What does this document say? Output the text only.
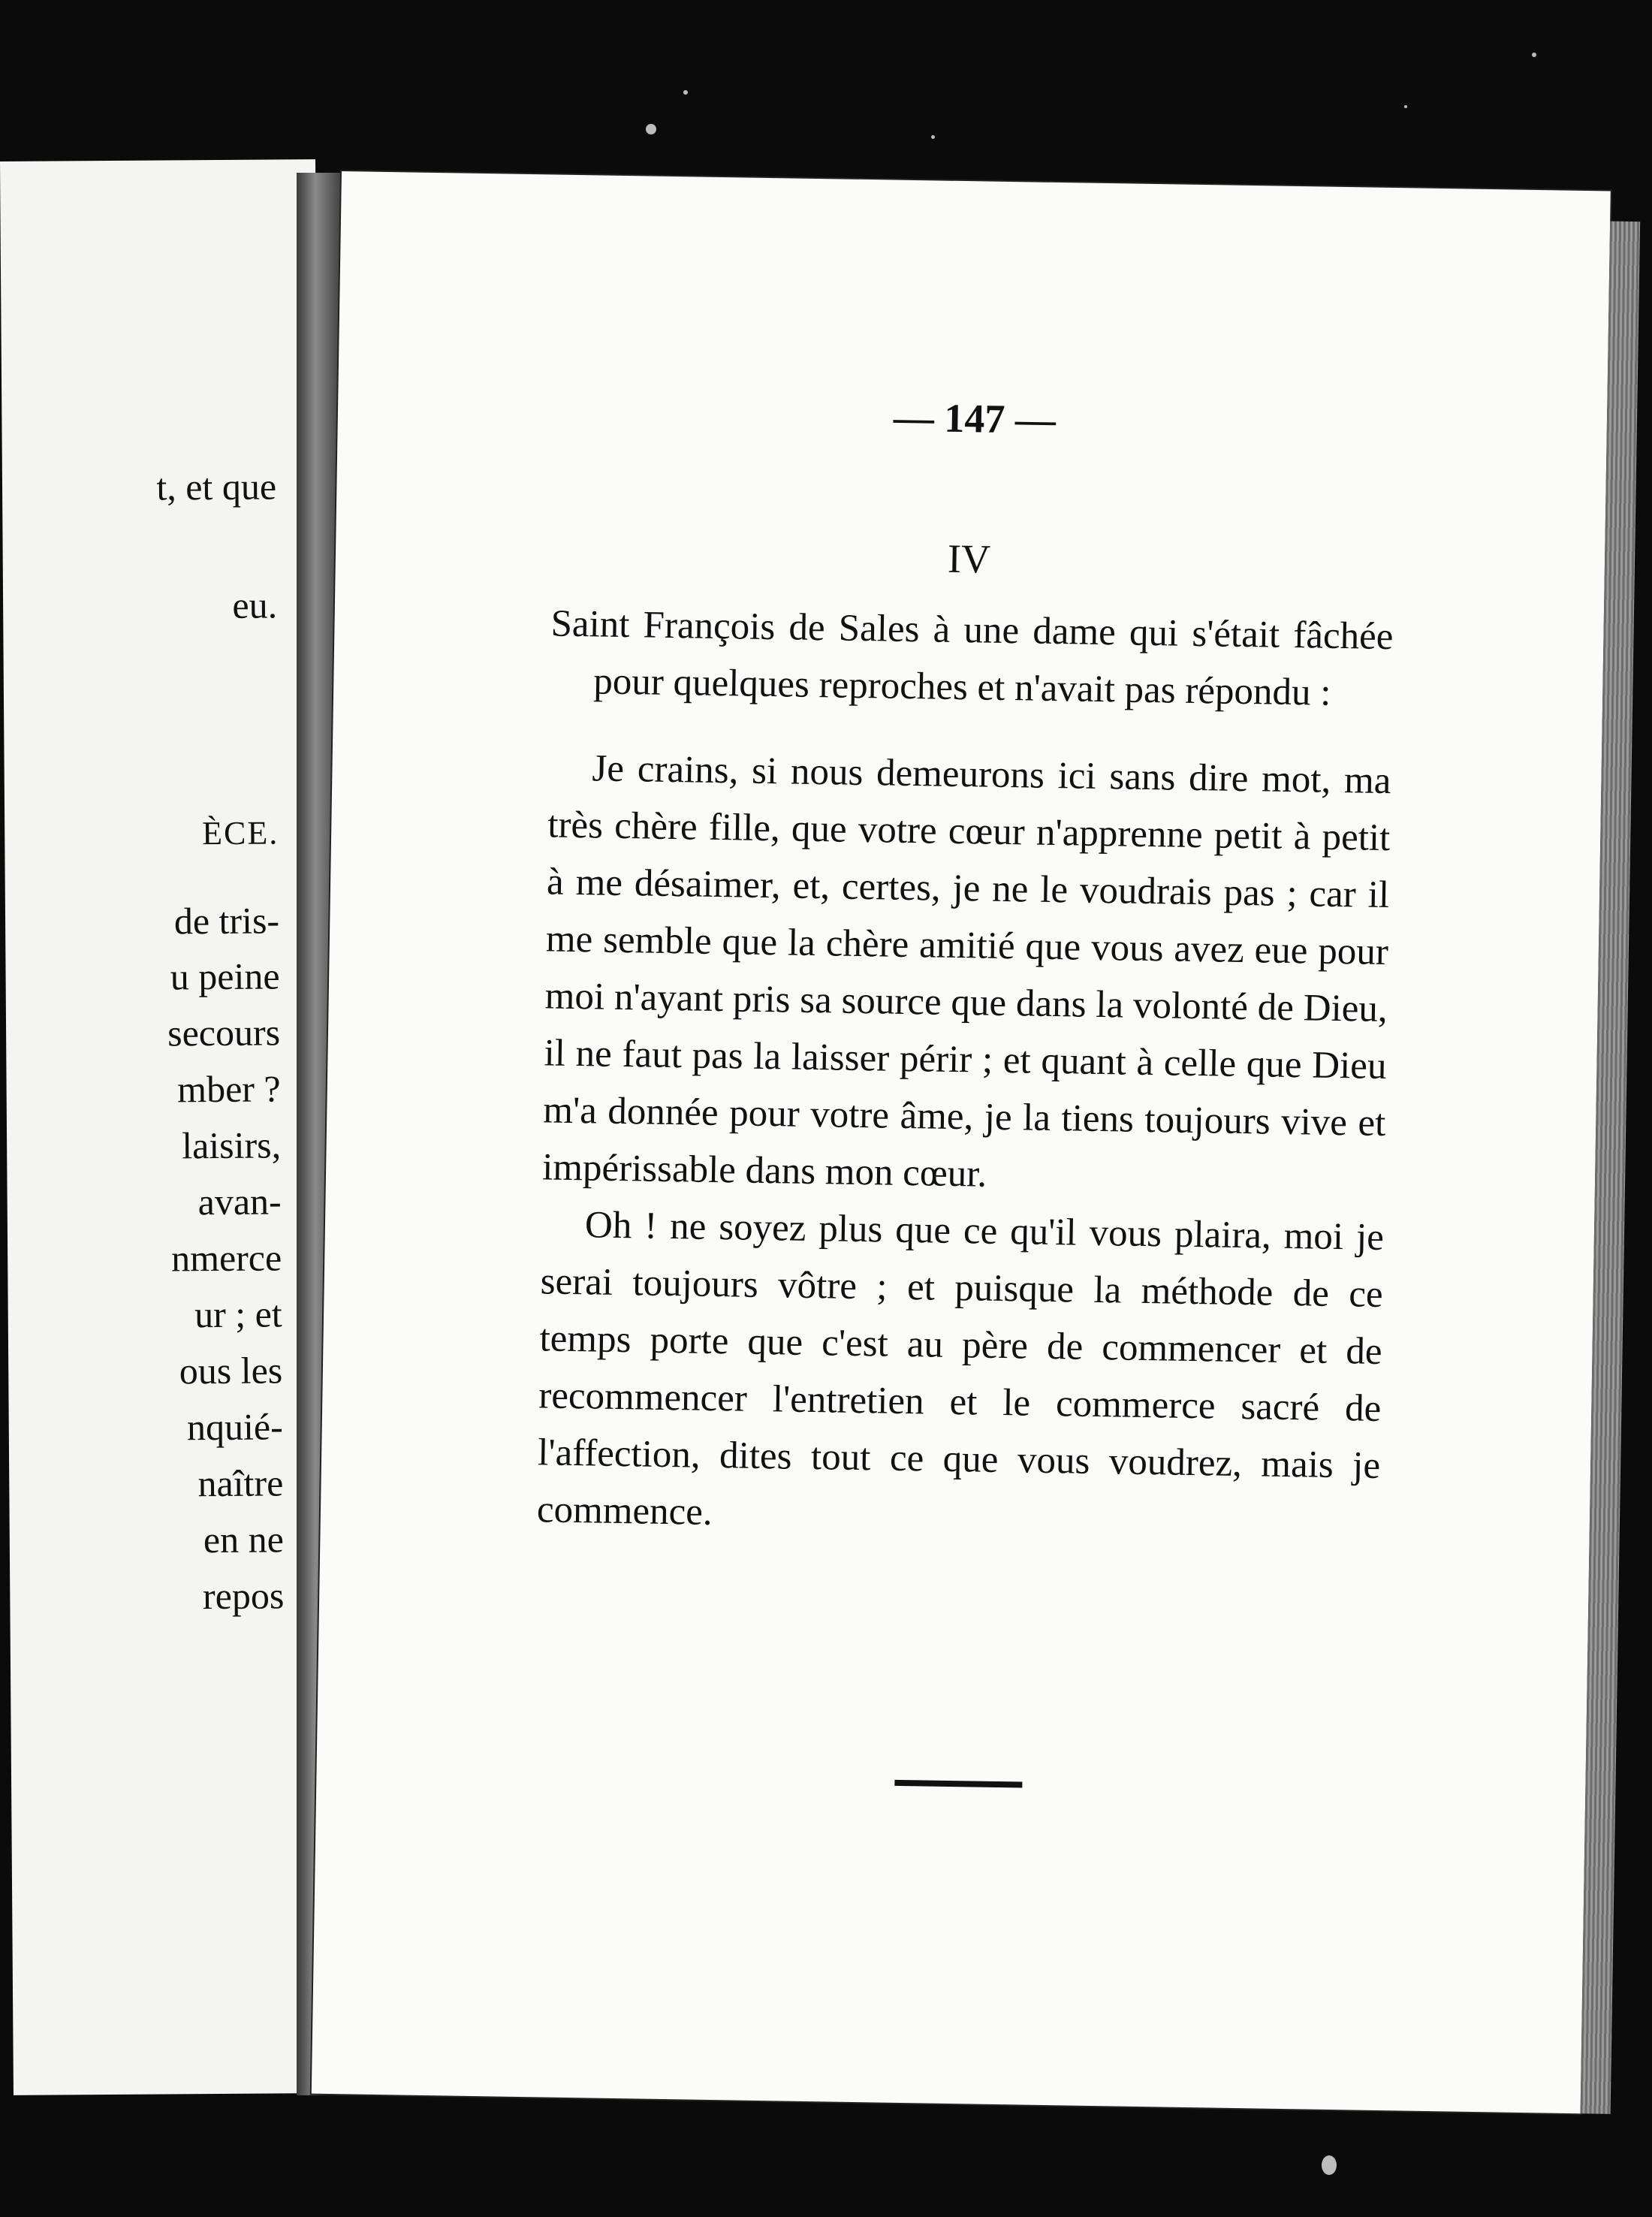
t, et que
eu.
ÈCE.
de tris-
u peine
secours
mber ?
laisirs,
avan-
nmerce
ur ; et
ous les
nquié-
naître
en ne
repos
— 147 —
IV

Saint François de Sales à une dame qui s'était fâchée pour quelques reproches et n'avait pas répondu :

Je crains, si nous demeurons ici sans dire mot, ma très chère fille, que votre cœur n'apprenne petit à petit à me désaimer, et, certes, je ne le voudrais pas ; car il me semble que la chère amitié que vous avez eue pour moi n'ayant pris sa source que dans la volonté de Dieu, il ne faut pas la laisser périr ; et quant à celle que Dieu m'a donnée pour votre âme, je la tiens toujours vive et impérissable dans mon cœur.

Oh ! ne soyez plus que ce qu'il vous plaira, moi je serai toujours vôtre ; et puisque la méthode de ce temps porte que c'est au père de commencer et de recommencer l'entretien et le commerce sacré de l'affection, dites tout ce que vous voudrez, mais je commence.
